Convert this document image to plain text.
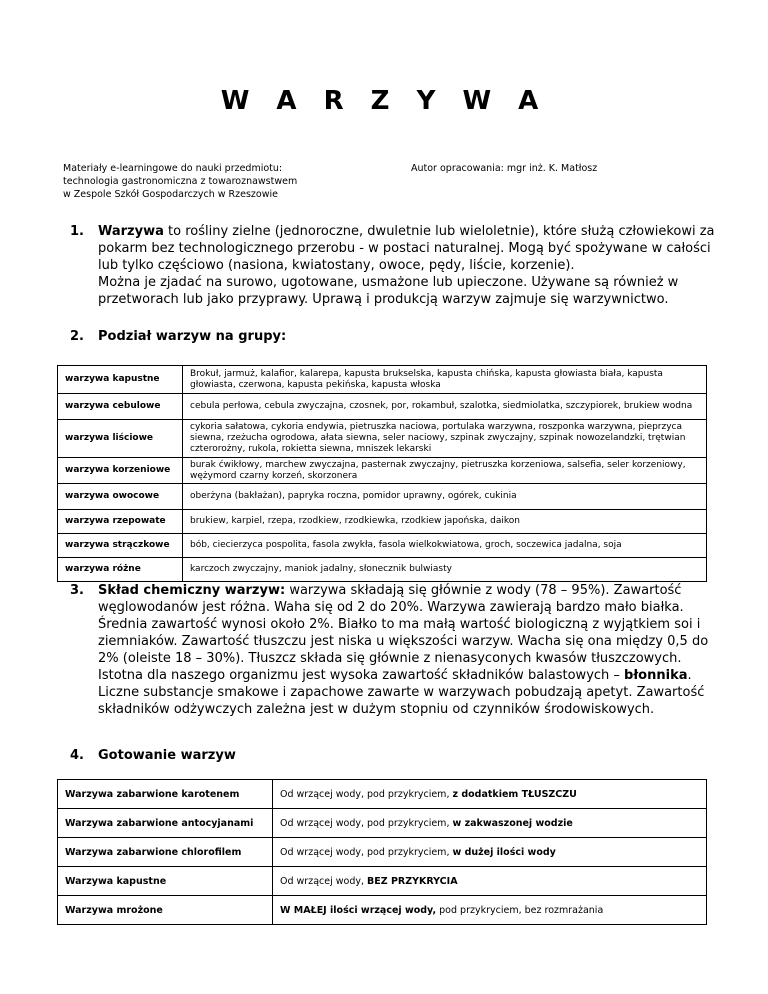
W A R Z Y W A
Materiały e-learningowe do nauki przedmiotu:
technologia gastronomiczna z towaroznawstwem
w Zespole Szkół Gospodarczych w Rzeszowie
Autor opracowania: mgr inż. K. Matłosz
1. Warzywa to rośliny zielne (jednoroczne, dwuletnie lub wieloletnie), które służą człowiekowi za pokarm bez technologicznego przerobu - w postaci naturalnej. Mogą być spożywane w całości lub tylko częściowo (nasiona, kwiatostany, owoce, pędy, liście, korzenie).
Można je zjadać na surowo, ugotowane, usmażone lub upieczone. Używane są również w przetworach lub jako przyprawy. Uprawą i produkcją warzyw zajmuje się warzywnictwo.
2. Podział warzyw na grupy:
warzywa kapustne	Brokuł, jarmuż, kalafior, kalarepa, kapusta brukselska, kapusta chińska, kapusta głowiasta biała, kapusta głowiasta, czerwona, kapusta pekińska, kapusta włoska
warzywa cebulowe	cebula perłowa, cebula zwyczajna, czosnek, por, rokambuł, szalotka, siedmiolatka, szczypiorek, brukiew wodna
warzywa liściowe	cykoria sałatowa, cykoria endywia, pietruszka naciowa, portulaka warzywna, roszponka warzywna, pieprzyca siewna, rzeżucha ogrodowa, ałata siewna, seler naciowy, szpinak zwyczajny, szpinak nowozelandzki, trętwian czterorożny, rukola, rokietta siewna, mniszek lekarski
warzywa korzeniowe	burak ćwikłowy, marchew zwyczajna, pasternak zwyczajny, pietruszka korzeniowa, salsefia, seler korzeniowy, wężymord czarny korzeń, skorzonera
warzywa owocowe	oberżyna (bakłażan), papryka roczna, pomidor uprawny, ogórek, cukinia
warzywa rzepowate	brukiew, karpiel, rzepa, rzodkiew, rzodkiewka, rzodkiew japońska, daikon
warzywa strączkowe	bób, ciecierzyca pospolita, fasola zwykła, fasola wielkokwiatowa, groch, soczewica jadalna, soja
warzywa różne	karczoch zwyczajny, maniok jadalny, słonecznik bulwiasty
3. Skład chemiczny warzyw: warzywa składają się głównie z wody (78 – 95%). Zawartość węglowodanów jest różna. Waha się od 2 do 20%. Warzywa zawierają bardzo mało białka. Średnia zawartość wynosi około 2%. Białko to ma małą wartość biologiczną z wyjątkiem soi i ziemniaków. Zawartość tłuszczu jest niska u większości warzyw. Wacha się ona między 0,5 do 2% (oleiste 18 – 30%). Tłuszcz składa się głównie z nienasyconych kwasów tłuszczowych. Istotna dla naszego organizmu jest wysoka zawartość składników balastowych – błonnika. Liczne substancje smakowe i zapachowe zawarte w warzywach pobudzają apetyt. Zawartość składników odżywczych zależna jest w dużym stopniu od czynników środowiskowych.
4. Gotowanie warzyw
Warzywa zabarwione karotenem	Od wrzącej wody, pod przykryciem, z dodatkiem TŁUSZCZU
Warzywa zabarwione antocyjanami	Od wrzącej wody, pod przykryciem, w zakwaszonej wodzie
Warzywa zabarwione chlorofilem	Od wrzącej wody, pod przykryciem, w dużej ilości wody
Warzywa kapustne	Od wrzącej wody, BEZ PRZYKRYCIA
Warzywa mrożone	W MAŁEJ ilości wrzącej wody, pod przykryciem, bez rozmrażania
